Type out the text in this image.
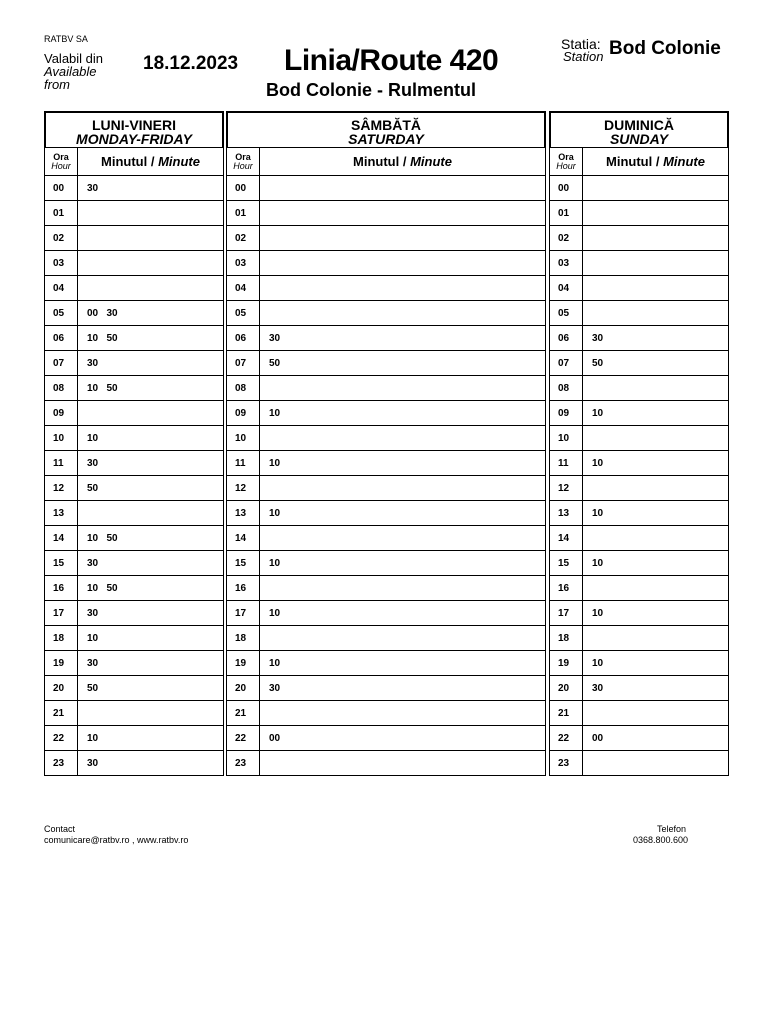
RATBV SA
Valabil din
Available
from
18.12.2023 Linia/Route 420
Bod Colonie - Rulmentul
Statia:
Station Bod Colonie
LUNI-VINERI
MONDAY-FRIDAY
Ora
Hour	Minutul / Minute
00	30
01	
02	
03	
04	
05	00   30
06	10   50
07	30
08	10   50
09	
10	10
11	30
12	50
13	
14	10   50
15	30
16	10   50
17	30
18	10
19	30
20	50
21	
22	10
23	30
SÂMBĂTĂ
SATURDAY
Ora
Hour	Minutul / Minute
00	
01	
02	
03	
04	
05	
06	30
07	50
08	
09	10
10	
11	10
12	
13	10
14	
15	10
16	
17	10
18	
19	10
20	30
21	
22	00
23	
DUMINICĂ
SUNDAY
Ora
Hour	Minutul / Minute
00	
01	
02	
03	
04	
05	
06	30
07	50
08	
09	10
10	
11	10
12	
13	10
14	
15	10
16	
17	10
18	
19	10
20	30
21	
22	00
23	
Contact
comunicare@ratbv.ro , www.ratbv.ro
Telefon
0368.800.600
